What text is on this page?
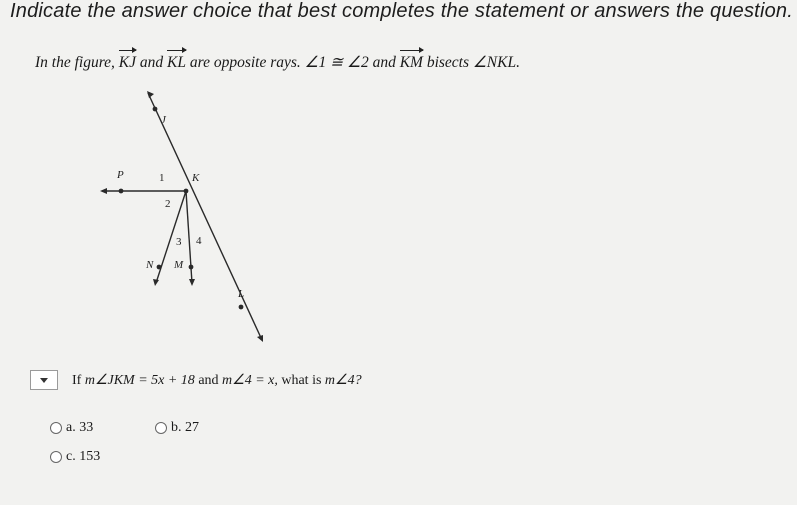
Indicate the answer choice that best completes the statement or answers the question.
In the figure, KJ and KL are opposite rays. ∠1 ≅ ∠2 and KM bisects ∠NKL.
J
P	K
N M
L
1
2
3 4
If m∠JKM = 5x + 18 and m∠4 = x, what is m∠4?
a. 33	b. 27
c. 153
